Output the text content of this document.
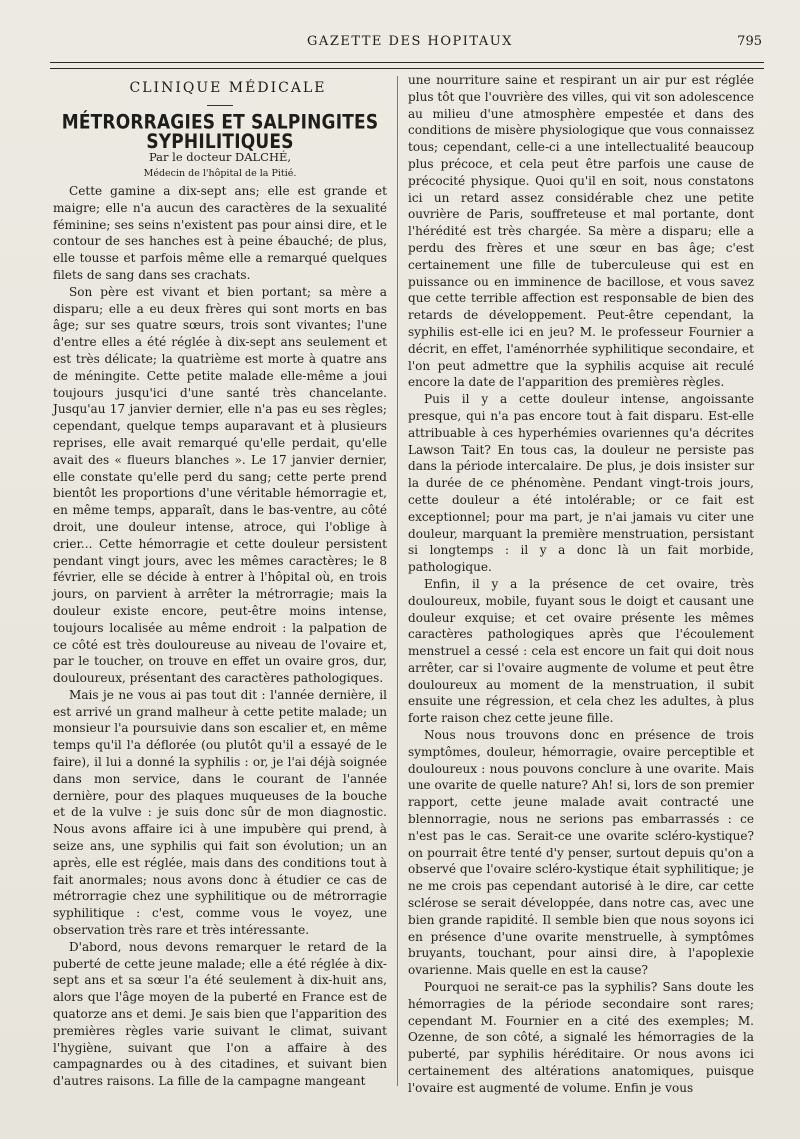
GAZETTE DES HOPITAUX	795

CLINIQUE MÉDICALE

MÉTRORRAGIES ET SALPINGITES SYPHILITIQUES

Par le docteur DALCHÉ,

Médecin de l'hôpital de la Pitié.

Cette gamine a dix-sept ans; elle est grande et maigre; elle n'a aucun des caractères de la sexualité féminine; ses seins n'existent pas pour ainsi dire, et le contour de ses hanches est à peine ébauché; de plus, elle tousse et parfois même elle a remarqué quelques filets de sang dans ses crachats.

Son père est vivant et bien portant; sa mère a disparu; elle a eu deux frères qui sont morts en bas âge; sur ses quatre sœurs, trois sont vivantes; l'une d'entre elles a été réglée à dix-sept ans seulement et est très délicate; la quatrième est morte à quatre ans de méningite. Cette petite malade elle-même a joui toujours jusqu'ici d'une santé très chancelante. Jusqu'au 17 janvier dernier, elle n'a pas eu ses règles; cependant, quelque temps auparavant et à plusieurs reprises, elle avait remarqué qu'elle perdait, qu'elle avait des « flueurs blanches ». Le 17 janvier dernier, elle constate qu'elle perd du sang; cette perte prend bientôt les proportions d'une véritable hémorragie et, en même temps, apparaît, dans le bas-ventre, au côté droit, une douleur intense, atroce, qui l'oblige à crier... Cette hémorragie et cette douleur persistent pendant vingt jours, avec les mêmes caractères; le 8 février, elle se décide à entrer à l'hôpital où, en trois jours, on parvient à arrêter la métrorragie; mais la douleur existe encore, peut-être moins intense, toujours localisée au même endroit : la palpation de ce côté est très douloureuse au niveau de l'ovaire et, par le toucher, on trouve en effet un ovaire gros, dur, douloureux, présentant des caractères pathologiques.

Mais je ne vous ai pas tout dit : l'année dernière, il est arrivé un grand malheur à cette petite malade; un monsieur l'a poursuivie dans son escalier et, en même temps qu'il l'a déflorée (ou plutôt qu'il a essayé de le faire), il lui a donné la syphilis : or, je l'ai déjà soignée dans mon service, dans le courant de l'année dernière, pour des plaques muqueuses de la bouche et de la vulve : je suis donc sûr de mon diagnostic. Nous avons affaire ici à une impubère qui prend, à seize ans, une syphilis qui fait son évolution; un an après, elle est réglée, mais dans des conditions tout à fait anormales; nous avons donc à étudier ce cas de métrorragie chez une syphilitique ou de métrorragie syphilitique : c'est, comme vous le voyez, une observation très rare et très intéressante.

D'abord, nous devons remarquer le retard de la puberté de cette jeune malade; elle a été réglée à dix-sept ans et sa sœur l'a été seulement à dix-huit ans, alors que l'âge moyen de la puberté en France est de quatorze ans et demi. Je sais bien que l'apparition des premières règles varie suivant le climat, suivant l'hygiène, suivant que l'on a affaire à des campagnardes ou à des citadines, et suivant bien d'autres raisons. La fille de la campagne mangeant

une nourriture saine et respirant un air pur est réglée plus tôt que l'ouvrière des villes, qui vit son adolescence au milieu d'une atmosphère empestée et dans des conditions de misère physiologique que vous connaissez tous; cependant, celle-ci a une intellectualité beaucoup plus précoce, et cela peut être parfois une cause de précocité physique. Quoi qu'il en soit, nous constatons ici un retard assez considérable chez une petite ouvrière de Paris, souffreteuse et mal portante, dont l'hérédité est très chargée. Sa mère a disparu; elle a perdu des frères et une sœur en bas âge; c'est certainement une fille de tuberculeuse qui est en puissance ou en imminence de bacillose, et vous savez que cette terrible affection est responsable de bien des retards de développement. Peut-être cependant, la syphilis est-elle ici en jeu? M. le professeur Fournier a décrit, en effet, l'aménorrhée syphilitique secondaire, et l'on peut admettre que la syphilis acquise ait reculé encore la date de l'apparition des premières règles.

Puis il y a cette douleur intense, angoissante presque, qui n'a pas encore tout à fait disparu. Est-elle attribuable à ces hyperhémies ovariennes qu'a décrites Lawson Tait? En tous cas, la douleur ne persiste pas dans la période intercalaire. De plus, je dois insister sur la durée de ce phénomène. Pendant vingt-trois jours, cette douleur a été intolérable; or ce fait est exceptionnel; pour ma part, je n'ai jamais vu citer une douleur, marquant la première menstruation, persistant si longtemps : il y a donc là un fait morbide, pathologique.

Enfin, il y a la présence de cet ovaire, très douloureux, mobile, fuyant sous le doigt et causant une douleur exquise; et cet ovaire présente les mêmes caractères pathologiques après que l'écoulement menstruel a cessé : cela est encore un fait qui doit nous arrêter, car si l'ovaire augmente de volume et peut être douloureux au moment de la menstruation, il subit ensuite une régression, et cela chez les adultes, à plus forte raison chez cette jeune fille.

Nous nous trouvons donc en présence de trois symptômes, douleur, hémorragie, ovaire perceptible et douloureux : nous pouvons conclure à une ovarite. Mais une ovarite de quelle nature? Ah! si, lors de son premier rapport, cette jeune malade avait contracté une blennorragie, nous ne serions pas embarrassés : ce n'est pas le cas. Serait-ce une ovarite scléro-kystique? on pourrait être tenté d'y penser, surtout depuis qu'on a observé que l'ovaire scléro-kystique était syphilitique; je ne me crois pas cependant autorisé à le dire, car cette sclérose se serait développée, dans notre cas, avec une bien grande rapidité. Il semble bien que nous soyons ici en présence d'une ovarite menstruelle, à symptômes bruyants, touchant, pour ainsi dire, à l'apoplexie ovarienne. Mais quelle en est la cause?

Pourquoi ne serait-ce pas la syphilis? Sans doute les hémorragies de la période secondaire sont rares; cependant M. Fournier en a cité des exemples; M. Ozenne, de son côté, a signalé les hémorragies de la puberté, par syphilis héréditaire. Or nous avons ici certainement des altérations anatomiques, puisque l'ovaire est augmenté de volume. Enfin je vous
